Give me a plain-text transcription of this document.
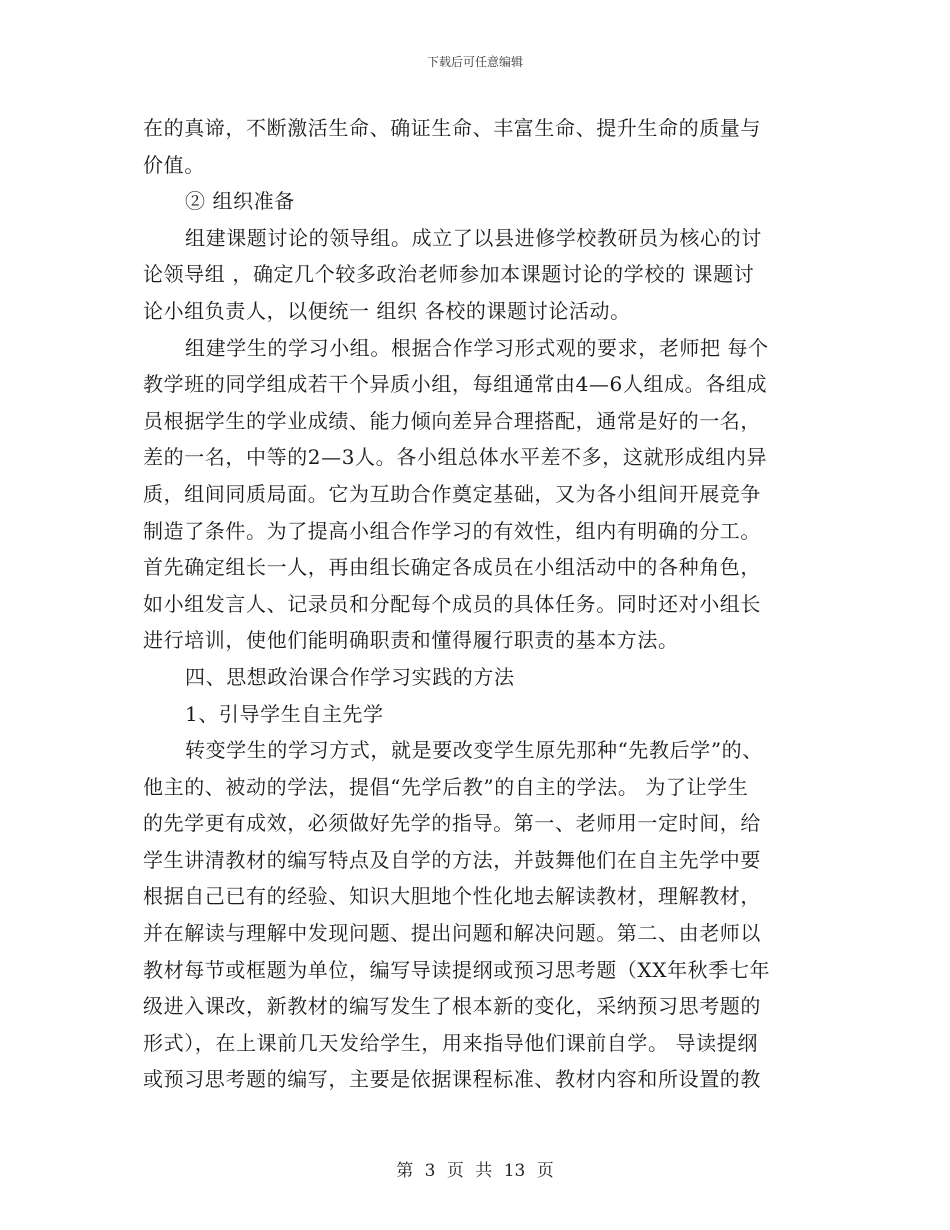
下载后可任意编辑
在的真谛，不断激活生命、确证生命、丰富生命、提升生命的质量与
价值。
② 组织准备
组建课题讨论的领导组。成立了以县进修学校教研员为核心的讨
论领导组 ，确定几个较多政治老师参加本课题讨论的学校的 课题讨
论小组负责人，以便统一 组织 各校的课题讨论活动。
组建学生的学习小组。根据合作学习形式观的要求，老师把 每个
教学班的同学组成若干个异质小组，每组通常由4—6人组成。各组成
员根据学生的学业成绩、能力倾向差异合理搭配，通常是好的一名，
差的一名，中等的2—3人。各小组总体水平差不多，这就形成组内异
质，组间同质局面。它为互助合作奠定基础，又为各小组间开展竞争
制造了条件。为了提高小组合作学习的有效性，组内有明确的分工。
首先确定组长一人，再由组长确定各成员在小组活动中的各种角色，
如小组发言人、记录员和分配每个成员的具体任务。同时还对小组长
进行培训，使他们能明确职责和懂得履行职责的基本方法。
四、思想政治课合作学习实践的方法
1、引导学生自主先学
转变学生的学习方式，就是要改变学生原先那种“先教后学”的、
他主的、被动的学法，提倡“先学后教”的自主的学法。 为了让学生
的先学更有成效，必须做好先学的指导。第一、老师用一定时间，给
学生讲清教材的编写特点及自学的方法，并鼓舞他们在自主先学中要
根据自己已有的经验、知识大胆地个性化地去解读教材，理解教材，
并在解读与理解中发现问题、提出问题和解决问题。第二、由老师以
教材每节或框题为单位，编写导读提纲或预习思考题（XX年秋季七年
级进入课改，新教材的编写发生了根本新的变化，采纳预习思考题的
形式），在上课前几天发给学生，用来指导他们课前自学。 导读提纲
或预习思考题的编写，主要是依据课程标准、教材内容和所设置的教
第 3 页 共 13 页
